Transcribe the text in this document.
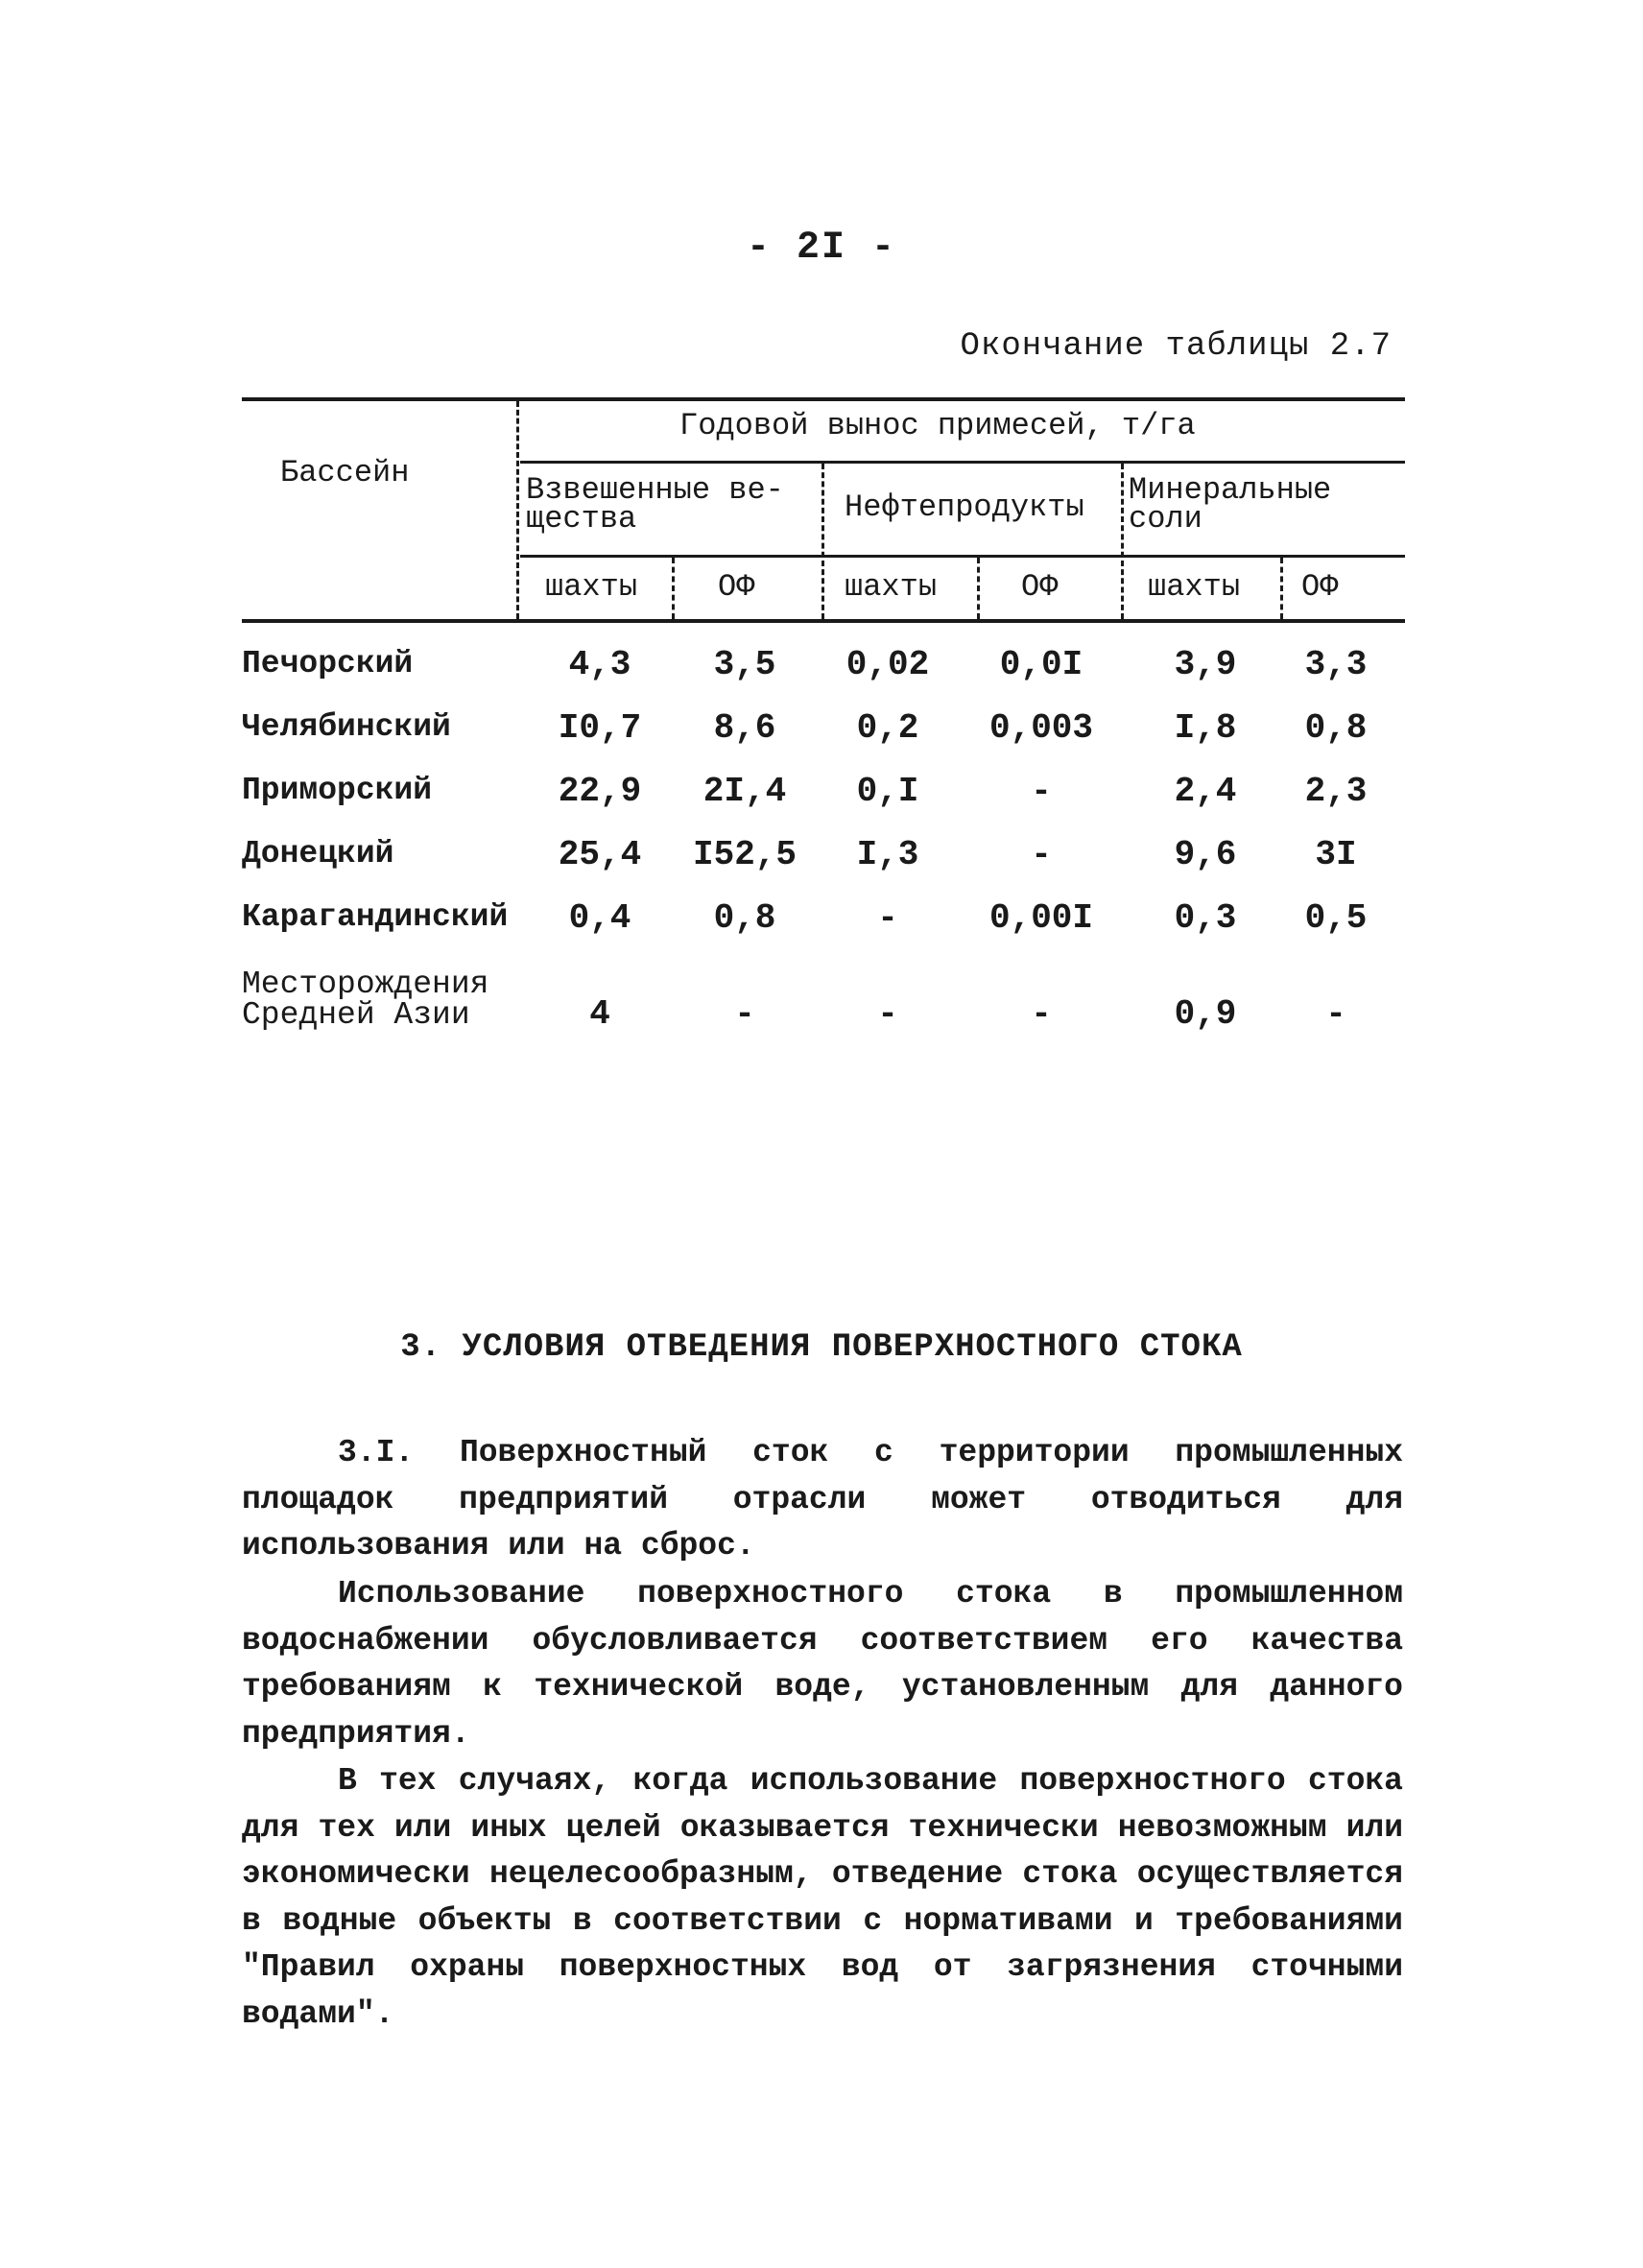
- 2I -
Окончание таблицы 2.7
Бассейн
Годовой вынос примесей, т/га
Взвешенные ве-
щества	Нефтепродукты Минеральные
соли
шахты	ОФ	шахты	ОФ	шахты ОФ
Печорский	4,3	3,5	0,02	0,0I	3,9	3,3
Челябинский	I0,7	8,6	0,2	0,003	I,8	0,8
Приморский	22,9	2I,4	0,I	-	2,4	2,3
Донецкий	25,4	I52,5	I,3	-	9,6	3I
Карагандинский	0,4	0,8	-	0,00I	0,3	0,5
Месторождения
Средней Азии	4	-	-	-	0,9	-
3. УСЛОВИЯ ОТВЕДЕНИЯ ПОВЕРХНОСТНОГО СТОКА

3.I. Поверхностный сток с территории промышленных площадок предприятий отрасли может отводиться для использования или на сброс.

Использование поверхностного стока в промышленном водоснабжении обусловливается соответствием его качества требованиям к технической воде, установленным для данного предприятия.

В тех случаях, когда использование поверхностного стока для тех или иных целей оказывается технически невозможным или экономически нецелесообразным, отведение стока осуществляется в водные объекты в соответствии с нормативами и требованиями "Правил охраны поверхностных вод от загрязнения сточными водами".
